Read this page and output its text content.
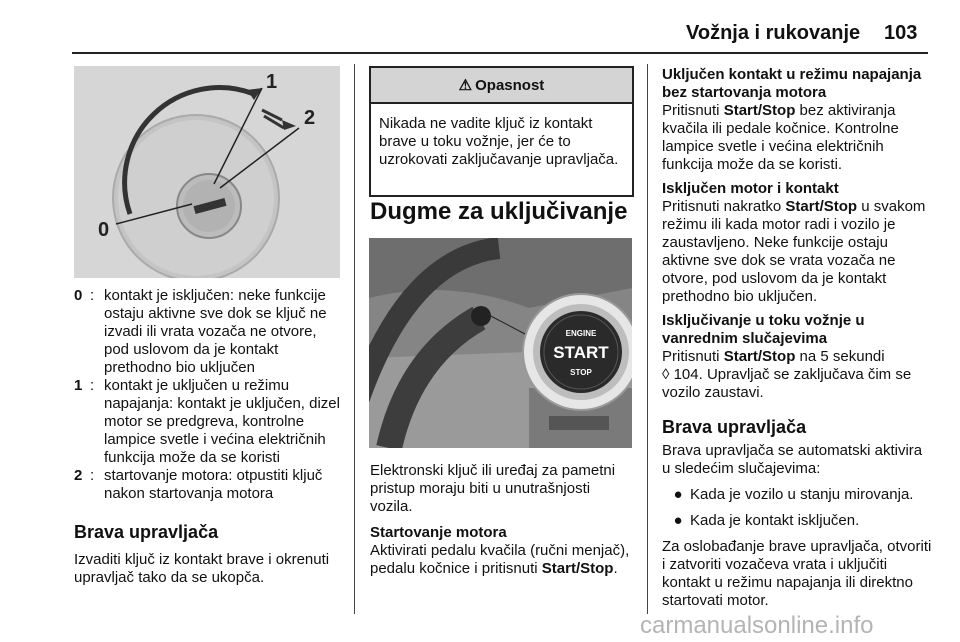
Vožnja i rukovanje 103
1
2
0
0 : kontakt je isključen: neke funkcije ostaju aktivne sve dok se ključ ne izvadi ili vrata vozača ne otvore, pod uslovom da je kontakt prethodno bio uključen
1 : kontakt je uključen u režimu napajanja: kontakt je uključen, dizel motor se predgreva, kontrolne lampice svetle i većina električnih funkcija može da se koristi
2 : startovanje motora: otpustiti ključ nakon startovanja motora
Brava upravljača

Izvaditi ključ iz kontakt brave i okrenuti upravljač tako da se ukopča.

⚠ Opasnost
Nikada ne vadite ključ iz kontakt brave u toku vožnje, jer će to uzrokovati zaključavanje upravljača.
Dugme za uključivanje
ENGINE
START
STOP

Elektronski ključ ili uređaj za pametni pristup moraju biti u unutrašnjosti vozila.

Startovanje motora

Aktivirati pedalu kvačila (ručni menjač), pedalu kočnice i pritisnuti Start/Stop.

Uključen kontakt u režimu napajanja bez startovanja motora

Pritisnuti Start/Stop bez aktiviranja kvačila ili pedale kočnice. Kontrolne lampice svetle i većina električnih funkcija može da se koristi.

Isključen motor i kontakt

Pritisnuti nakratko Start/Stop u svakom režimu ili kada motor radi i vozilo je zaustavljeno. Neke funkcije ostaju aktivne sve dok se vrata vozača ne otvore, pod uslovom da je kontakt prethodno bio uključen.

Isključivanje u toku vožnje u vanrednim slučajevima

Pritisnuti Start/Stop na 5 sekundi
◊ 104. Upravljač se zaključava čim se vozilo zaustavi.

Brava upravljača

Brava upravljača se automatski aktivira u sledećim slučajevima:

● Kada je vozilo u stanju mirovanja.
● Kada je kontakt isključen.

Za oslobađanje brave upravljača, otvoriti i zatvoriti vozačeva vrata i uključiti kontakt u režimu napajanja ili direktno startovati motor.

carmanualsonline.info
